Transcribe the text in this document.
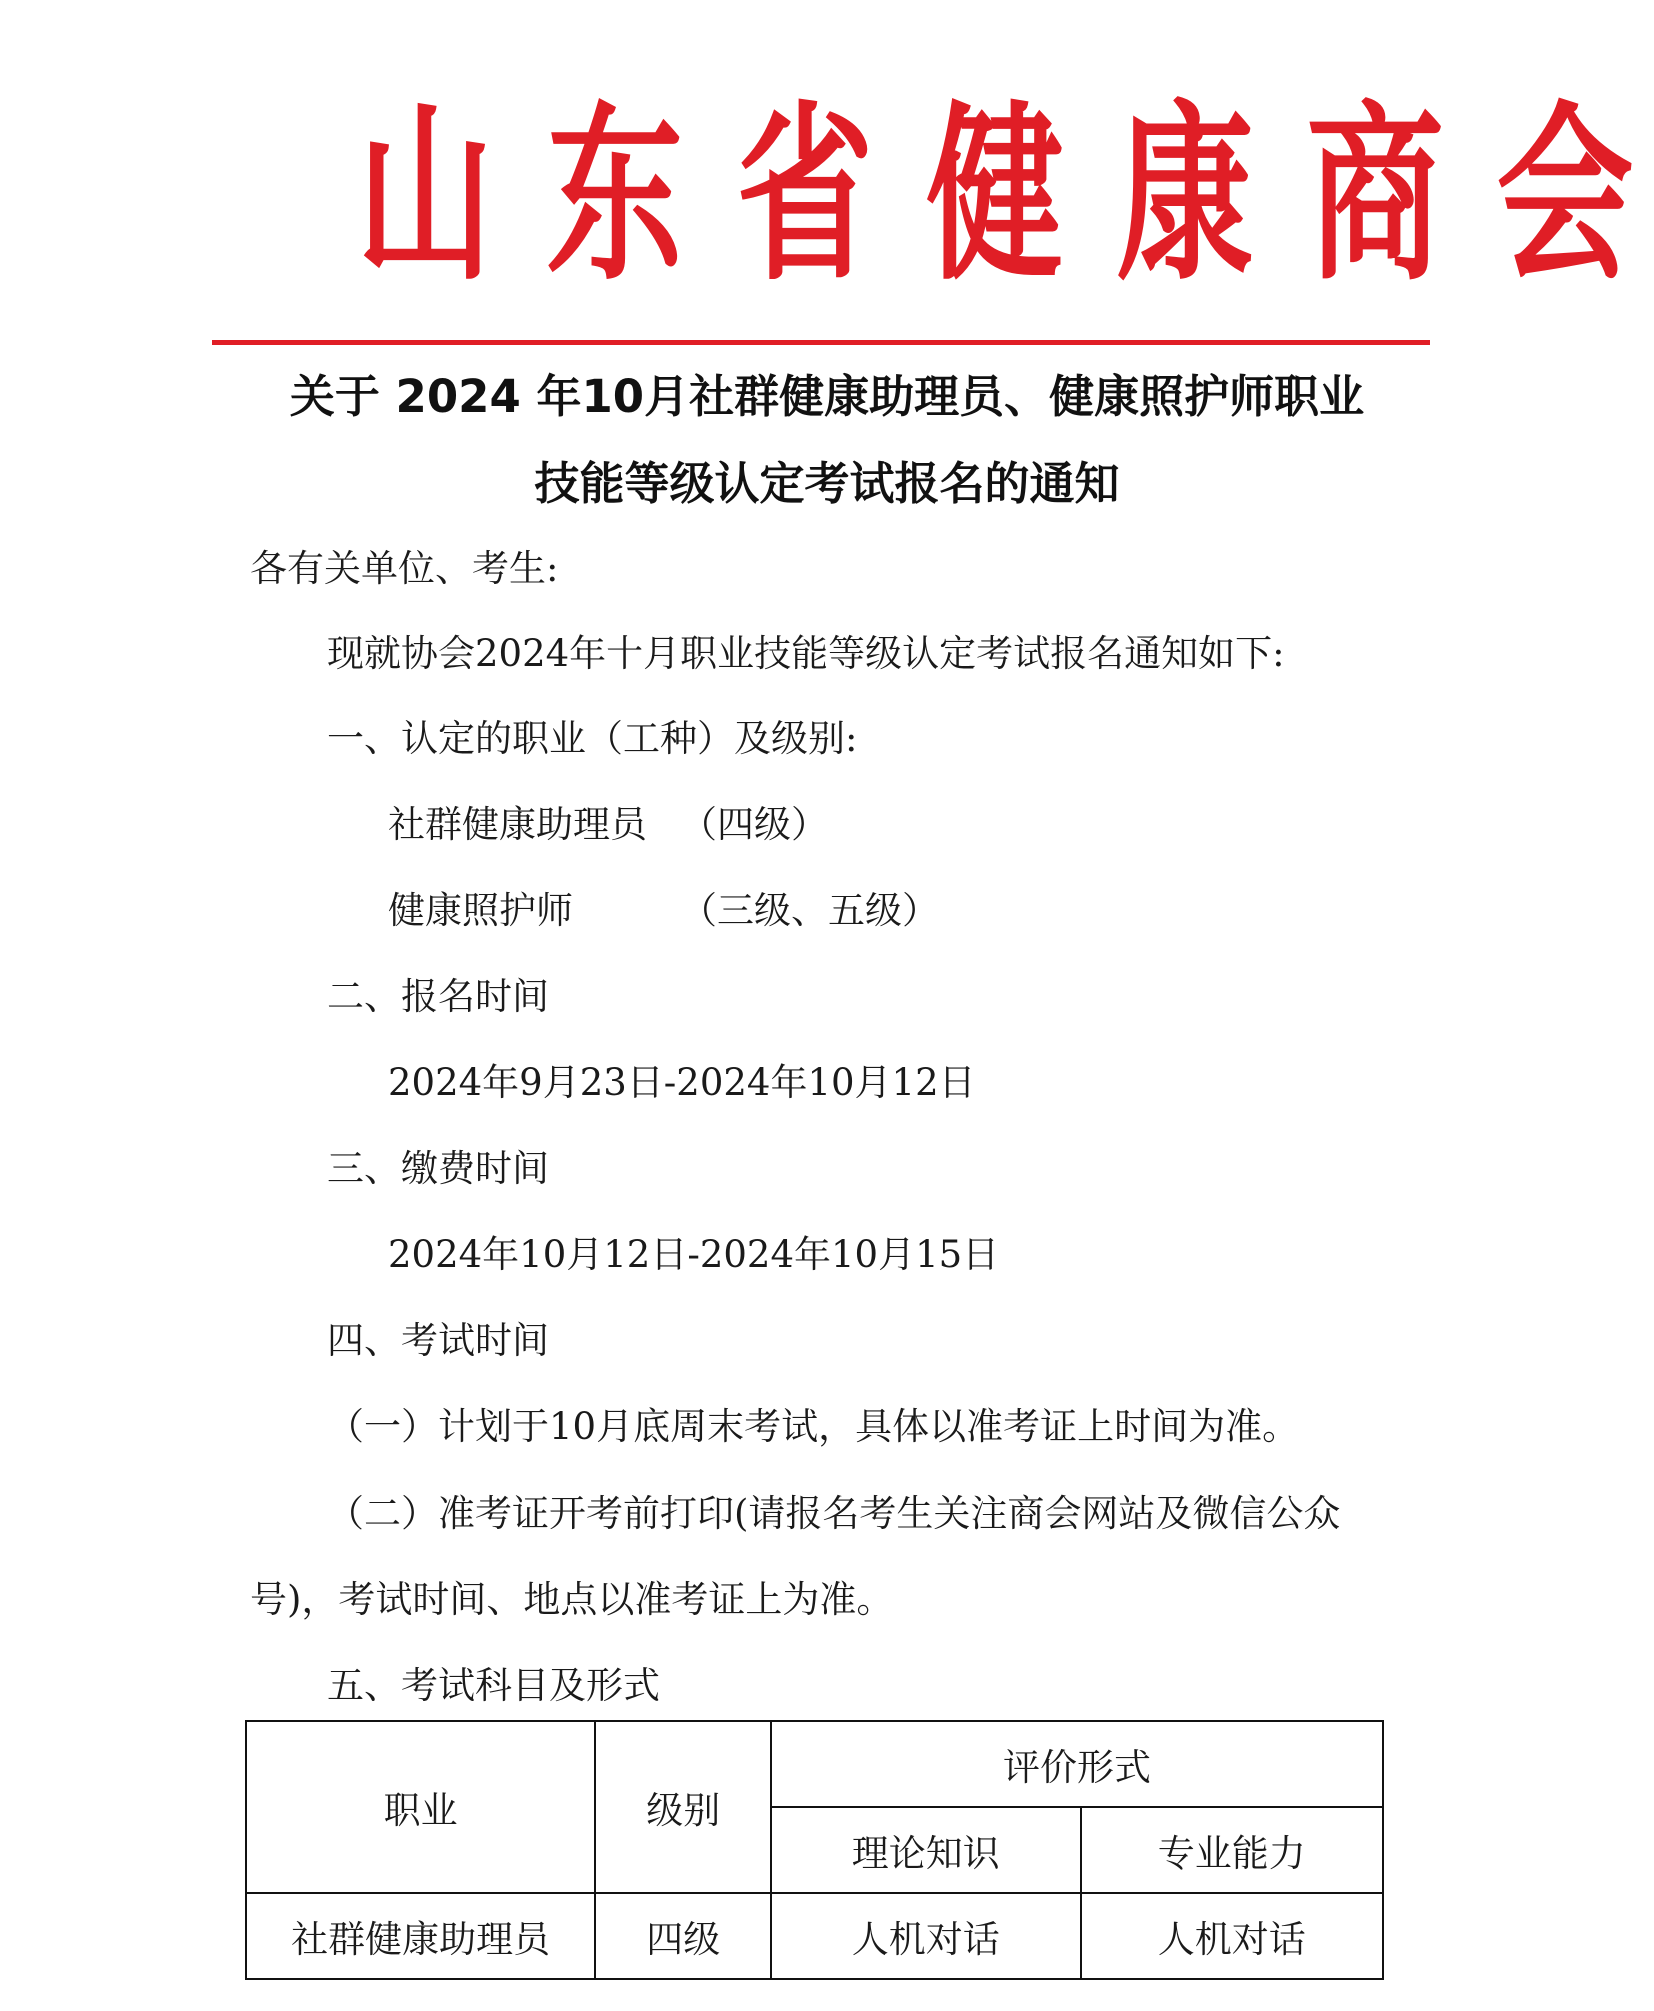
山 东 省 健 康 商 会
关于 2024 年10月社群健康助理员、健康照护师职业
技能等级认定考试报名的通知
各有关单位、考生:
现就协会2024年十月职业技能等级认定考试报名通知如下:
一、认定的职业（工种）及级别:
社群健康助理员 （四级）
健康照护师	（三级、五级）
二、报名时间
2024年9月23日-2024年10月12日
三、缴费时间
2024年10月12日-2024年10月15日
四、考试时间
（一）计划于10月底周末考试，具体以准考证上时间为准。
（二）准考证开考前打印(请报名考生关注商会网站及微信公众
号)，考试时间、地点以准考证上为准。
五、考试科目及形式
职业	级别	评价形式	
		理论知识	专业能力
社群健康助理员	四级	人机对话	人机对话
